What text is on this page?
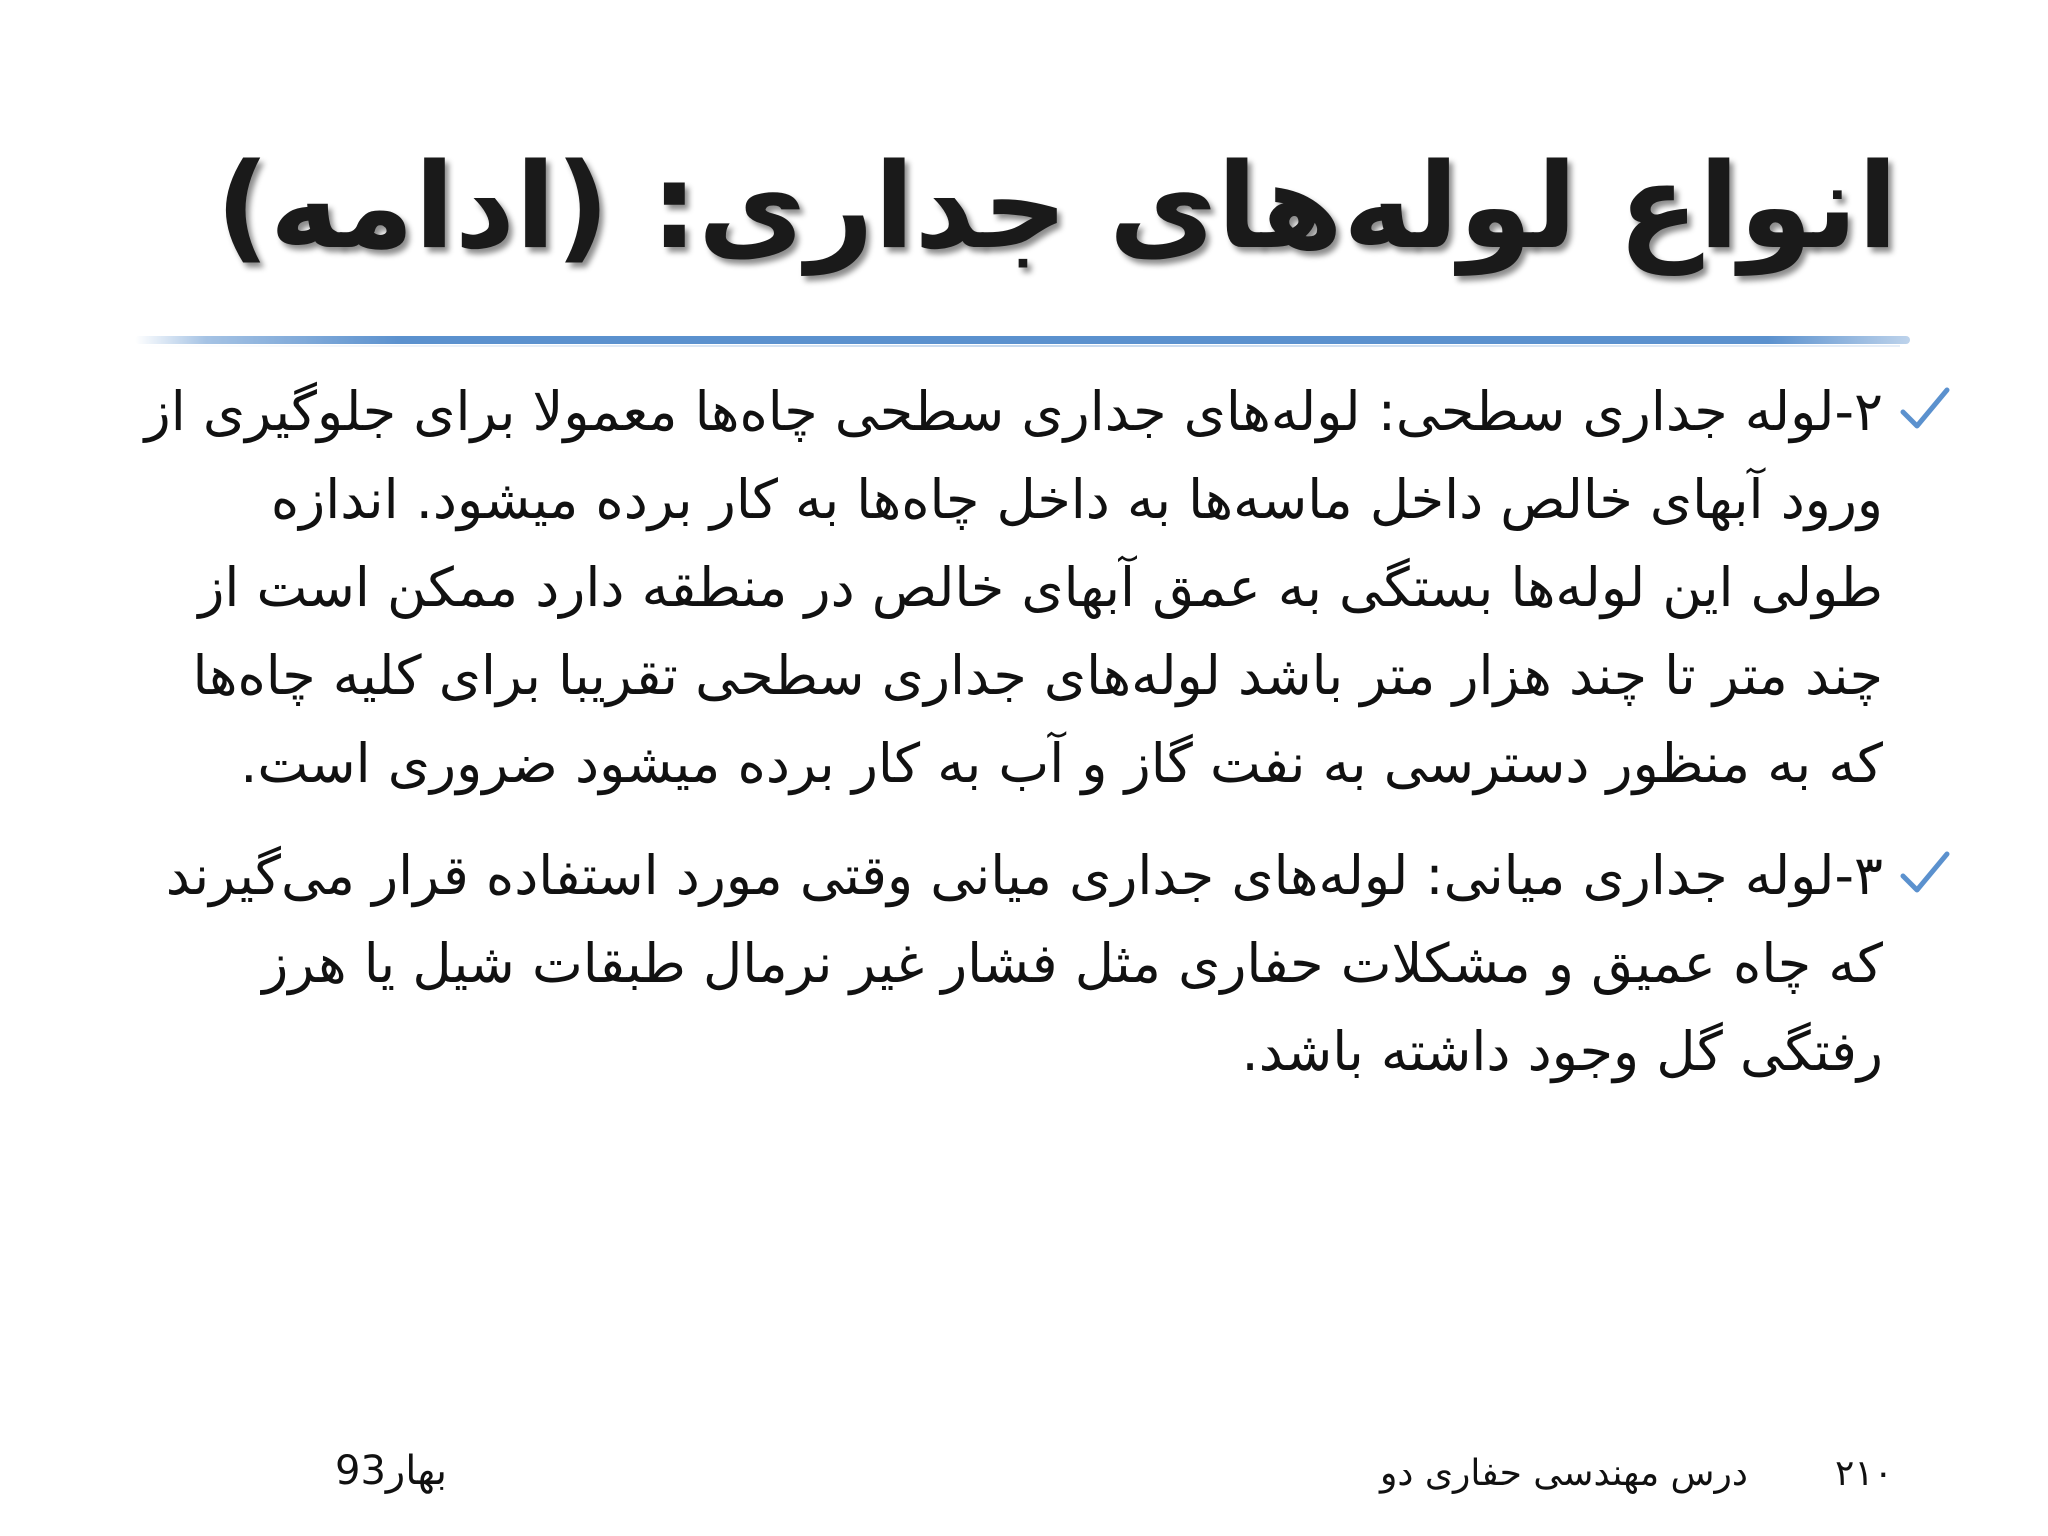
انواع لوله‌های جداری: (ادامه)
۲-لوله جداری سطحی: لوله‌های جداری سطحی چاه‌ها معمولا برای جلوگیری از ورود آبهای خالص داخل ماسه‌ها به داخل چاه‌ها به کار برده میشود. اندازه طولی این لوله‌ها بستگی به عمق آبهای خالص در منطقه دارد ممکن است از چند متر تا چند هزار متر باشد لوله‌های جداری سطحی تقریبا برای کلیه چاه‌ها که به منظور دسترسی به نفت گاز و آب به کار برده میشود ضروری است.
۳-لوله جداری میانی: لوله‌های جداری میانی وقتی مورد استفاده قرار می‌گیرند که چاه عمیق و مشکلات حفاری مثل فشار غیر نرمال طبقات شیل یا هرز رفتگی گل وجود داشته باشد.
بهار93	درس مهندسی حفاری دو ۲۱۰
